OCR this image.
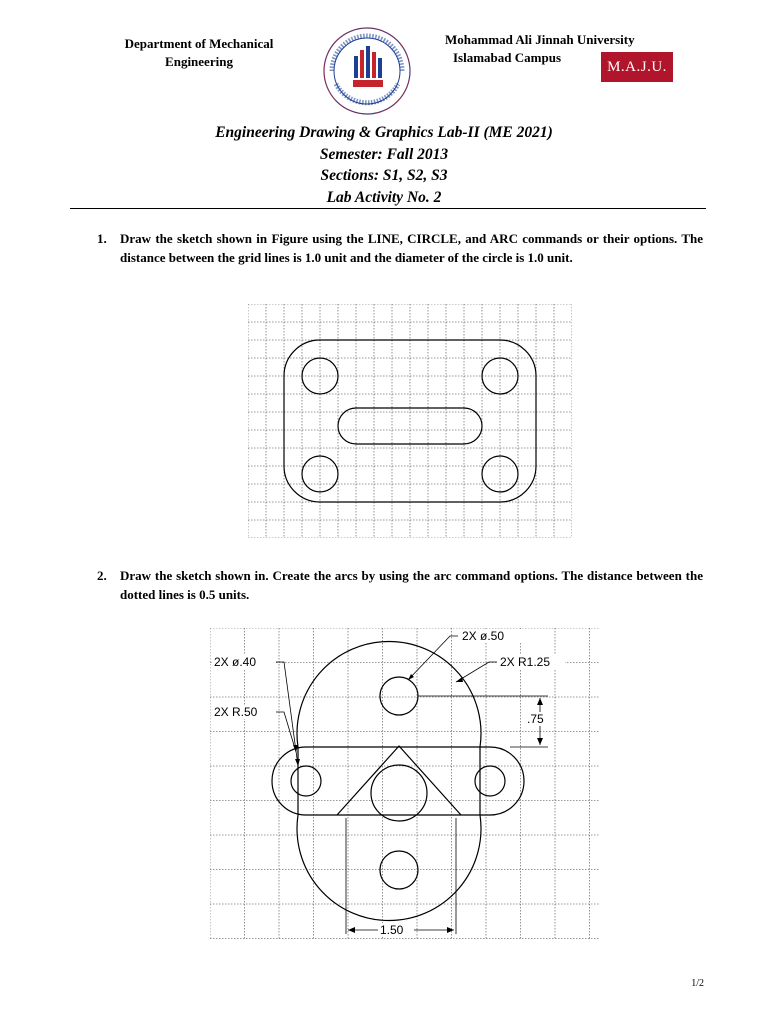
Department of Mechanical
Engineering
Mohammad Ali Jinnah University
Islamabad Campus
M.A.J.U.
Engineering Drawing & Graphics Lab-II (ME 2021)
Semester: Fall 2013
Sections: S1, S2, S3
Lab Activity No. 2
1.	Draw the sketch shown in Figure using the LINE, CIRCLE, and ARC commands or their options. The distance between the grid lines is 1.0 unit and the diameter of the circle is 1.0 unit.
2.	Draw the sketch shown in. Create the arcs by using the arc command options. The distance between the dotted lines is 0.5 units.
2X ø.50
2X R1.25
2X ø.40
2X R.50	.75
1.50
1/2
